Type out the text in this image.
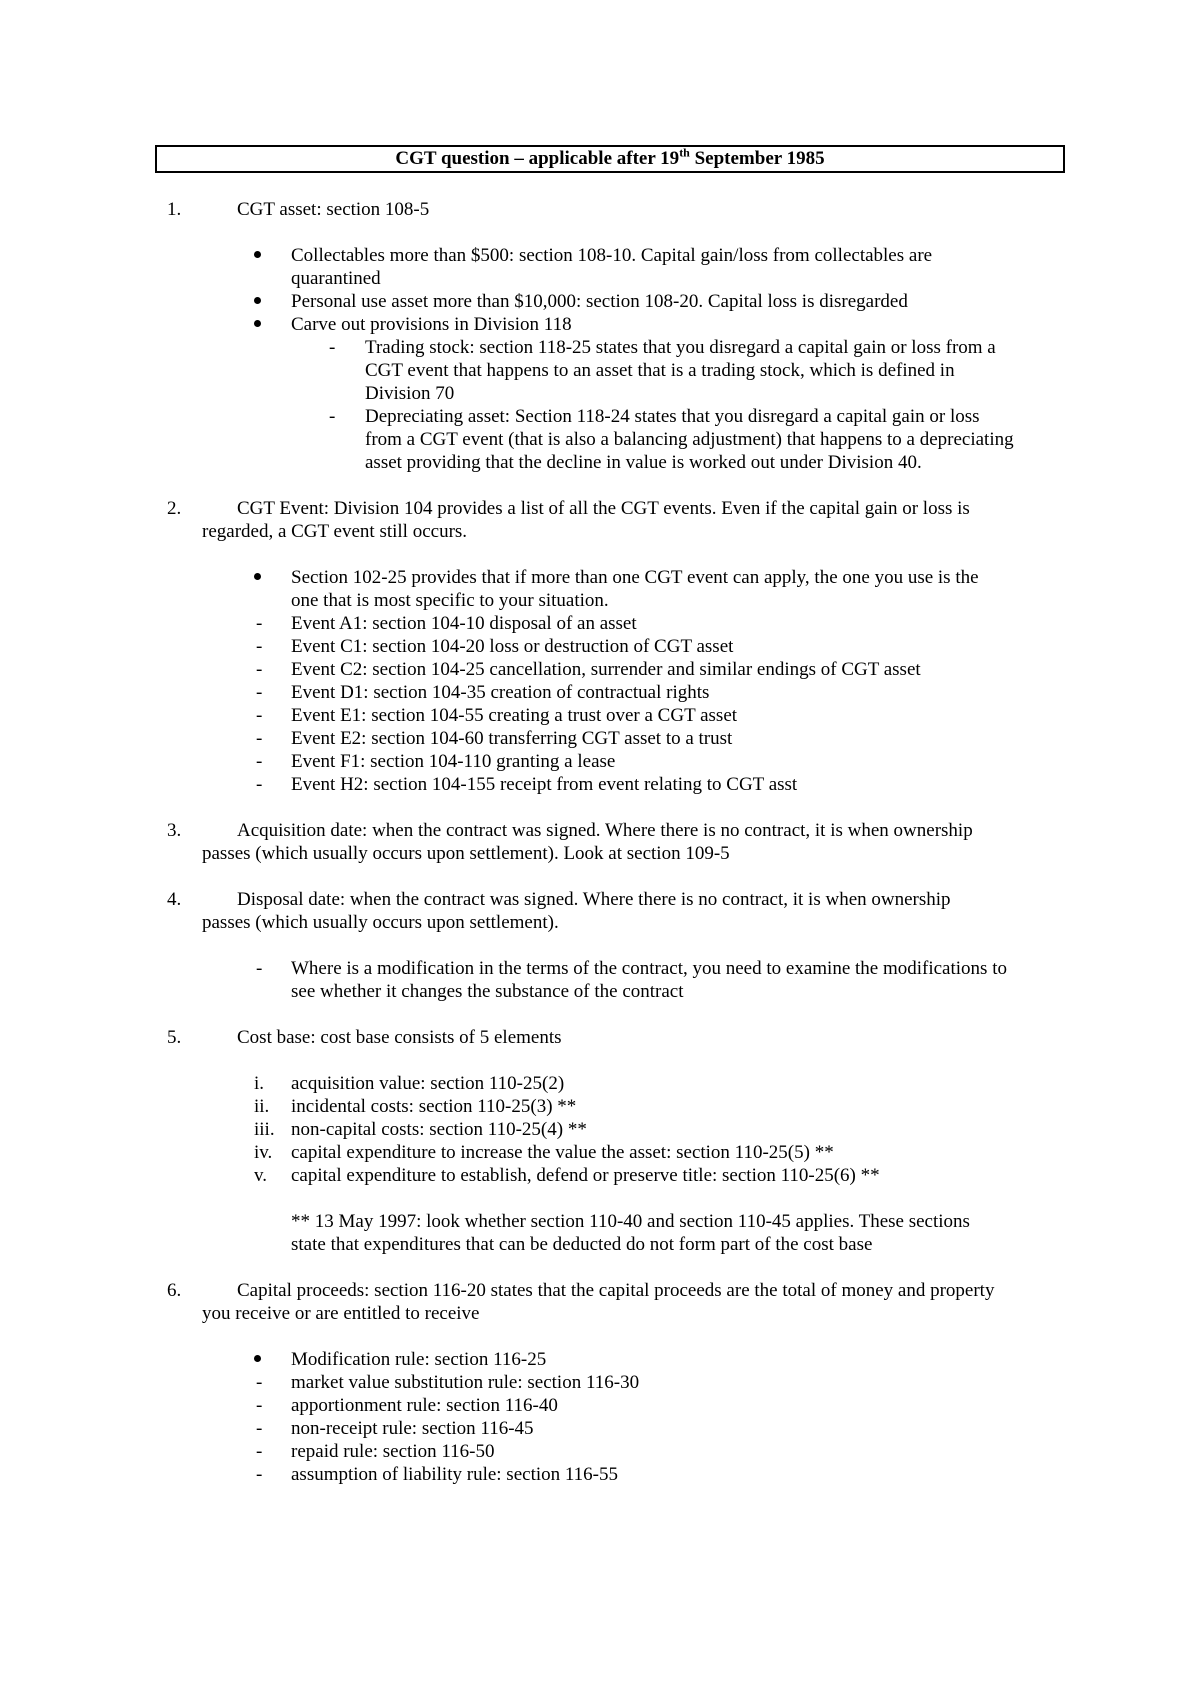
CGT question – applicable after 19th September 1985
1.	CGT asset: section 108-5
Collectables more than $500: section 108-10. Capital gain/loss from collectables are
quarantined
Personal use asset more than $10,000: section 108-20. Capital loss is disregarded
Carve out provisions in Division 118
- Trading stock: section 118-25 states that you disregard a capital gain or loss from a
CGT event that happens to an asset that is a trading stock, which is defined in
Division 70
- Depreciating asset: Section 118-24 states that you disregard a capital gain or loss
from a CGT event (that is also a balancing adjustment) that happens to a depreciating
asset providing that the decline in value is worked out under Division 40.
2.	CGT Event: Division 104 provides a list of all the CGT events. Even if the capital gain or loss is
regarded, a CGT event still occurs.
Section 102-25 provides that if more than one CGT event can apply, the one you use is the
one that is most specific to your situation.
- Event A1: section 104-10 disposal of an asset
- Event C1: section 104-20 loss or destruction of CGT asset
- Event C2: section 104-25 cancellation, surrender and similar endings of CGT asset
- Event D1: section 104-35 creation of contractual rights
- Event E1: section 104-55 creating a trust over a CGT asset
- Event E2: section 104-60 transferring CGT asset to a trust
- Event F1: section 104-110 granting a lease
- Event H2: section 104-155 receipt from event relating to CGT asst
3.	Acquisition date: when the contract was signed. Where there is no contract, it is when ownership
passes (which usually occurs upon settlement). Look at section 109-5
4.	Disposal date: when the contract was signed. Where there is no contract, it is when ownership
passes (which usually occurs upon settlement).
- Where is a modification in the terms of the contract, you need to examine the modifications to
see whether it changes the substance of the contract
5.	Cost base: cost base consists of 5 elements
i. acquisition value: section 110-25(2)
ii. incidental costs: section 110-25(3) **
iii. non-capital costs: section 110-25(4) **
iv. capital expenditure to increase the value the asset: section 110-25(5) **
v. capital expenditure to establish, defend or preserve title: section 110-25(6) **
** 13 May 1997: look whether section 110-40 and section 110-45 applies. These sections
state that expenditures that can be deducted do not form part of the cost base
6.	Capital proceeds: section 116-20 states that the capital proceeds are the total of money and property
you receive or are entitled to receive
Modification rule: section 116-25
- market value substitution rule: section 116-30
- apportionment rule: section 116-40
- non-receipt rule: section 116-45
- repaid rule: section 116-50
- assumption of liability rule: section 116-55
